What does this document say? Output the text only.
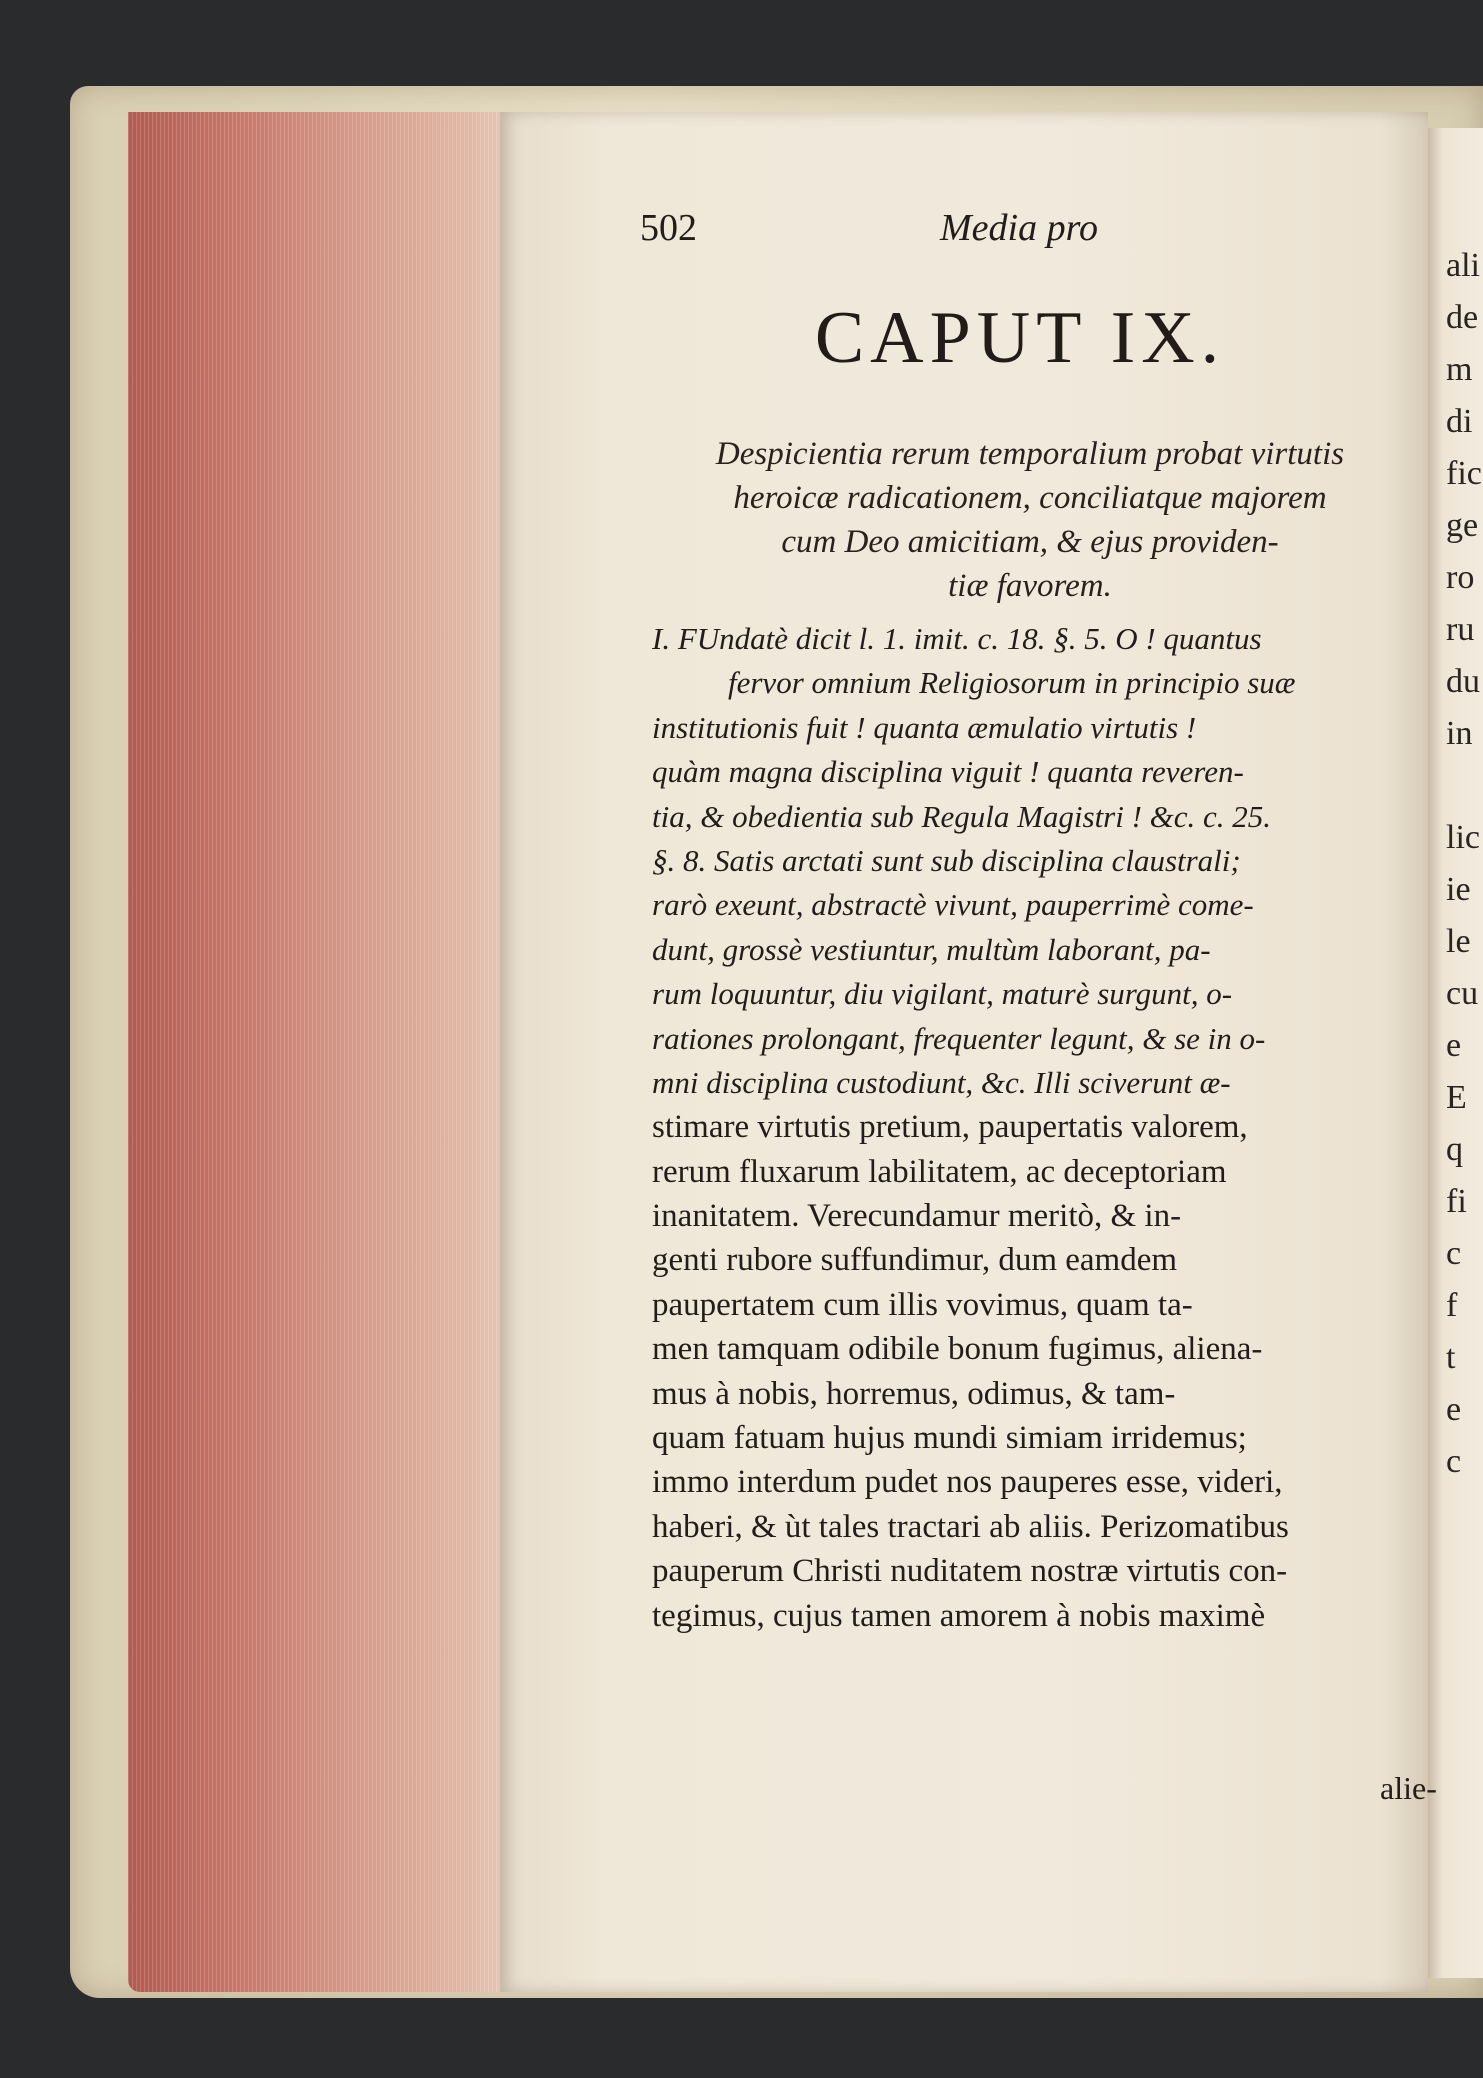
ali
de
m
di
fic
ge
ro
ru
du
in
lic
ie
le
cu
e
E
q
fi
c
f
t
e
c
502	Media pro
CAPUT IX.
Despicientia rerum temporalium probat virtutis
heroicæ radicationem, conciliatque majorem
cum Deo amicitiam, & ejus providen-
tiæ favorem.
I. FUndatè dicit l. 1. imit. c. 18. §. 5. O ! quantus
fervor omnium Religiosorum in principio suæ
institutionis fuit ! quanta æmulatio virtutis !
quàm magna disciplina viguit ! quanta reveren-
tia, & obedientia sub Regula Magistri ! &c. c. 25.
§. 8. Satis arctati sunt sub disciplina claustrali;
rarò exeunt, abstractè vivunt, pauperrimè come-
dunt, grossè vestiuntur, multùm laborant, pa-
rum loquuntur, diu vigilant, maturè surgunt, o-
rationes prolongant, frequenter legunt, & se in o-
mni disciplina custodiunt, &c. Illi sciverunt æ-
stimare virtutis pretium, paupertatis valorem,
rerum fluxarum labilitatem, ac deceptoriam
inanitatem. Verecundamur meritò, & in-
genti rubore suffundimur, dum eamdem
paupertatem cum illis vovimus, quam ta-
men tamquam odibile bonum fugimus, aliena-
mus à nobis, horremus, odimus, & tam-
quam fatuam hujus mundi simiam irridemus;
immo interdum pudet nos pauperes esse, videri,
haberi, & ùt tales tractari ab aliis. Perizomatibus
pauperum Christi nuditatem nostræ virtutis con-
tegimus, cujus tamen amorem à nobis maximè
alie-
